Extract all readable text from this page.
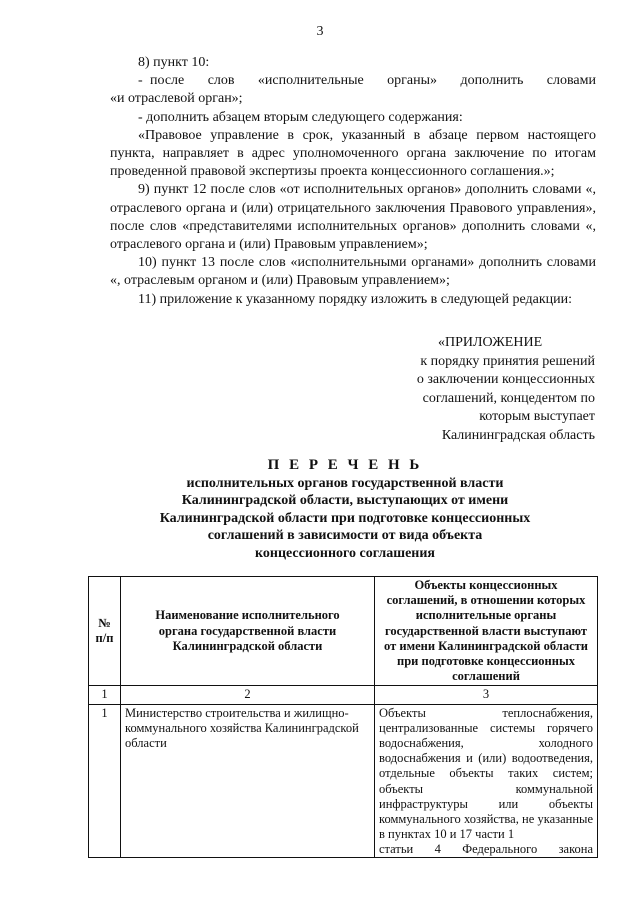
3

8) пункт 10:

- после слов «исполнительные органы» дополнить словами

«и отраслевой орган»;

- дополнить абзацем вторым следующего содержания:

«Правовое управление в срок, указанный в абзаце первом настоящего пункта, направляет в адрес уполномоченного органа заключение по итогам проведенной правовой экспертизы проекта концессионного соглашения.»;

9) пункт 12 после слов «от исполнительных органов» дополнить словами «, отраслевого органа и (или) отрицательного заключения Правового управления», после слов «представителями исполнительных органов» дополнить словами «, отраслевого органа и (или) Правовым управлением»;

10) пункт 13 после слов «исполнительными органами» дополнить словами «, отраслевым органом и (или) Правовым управлением»;

11) приложение к указанному порядку изложить в следующей редакции:

«ПРИЛОЖЕНИЕ
к порядку принятия решений
о заключении концессионных
соглашений, концедентом по
которым выступает
Калининградская область
П Е Р Е Ч Е Н Ь
исполнительных органов государственной власти
Калининградской области, выступающих от имени
Калининградской области при подготовке концессионных
соглашений в зависимости от вида объекта
концессионного соглашения
№ п/п	Наименование исполнительного органа государственной власти Калининградской области	Объекты концессионных соглашений, в отношении которых исполнительные органы государственной власти выступают от имени Калининградской области при подготовке концессионных соглашений
1	2	3
1	Министерство строительства и жилищно-коммунального хозяйства Калининградской области	Объекты теплоснабжения, централизованные системы горячего водоснабжения, холодного водоснабжения и (или) водоотведения, отдельные объекты таких систем; объекты коммунальной инфраструктуры или объекты коммунального хозяйства, не указанные в пунктах 10 и 17 части 1
статьи 4 Федерального закона
